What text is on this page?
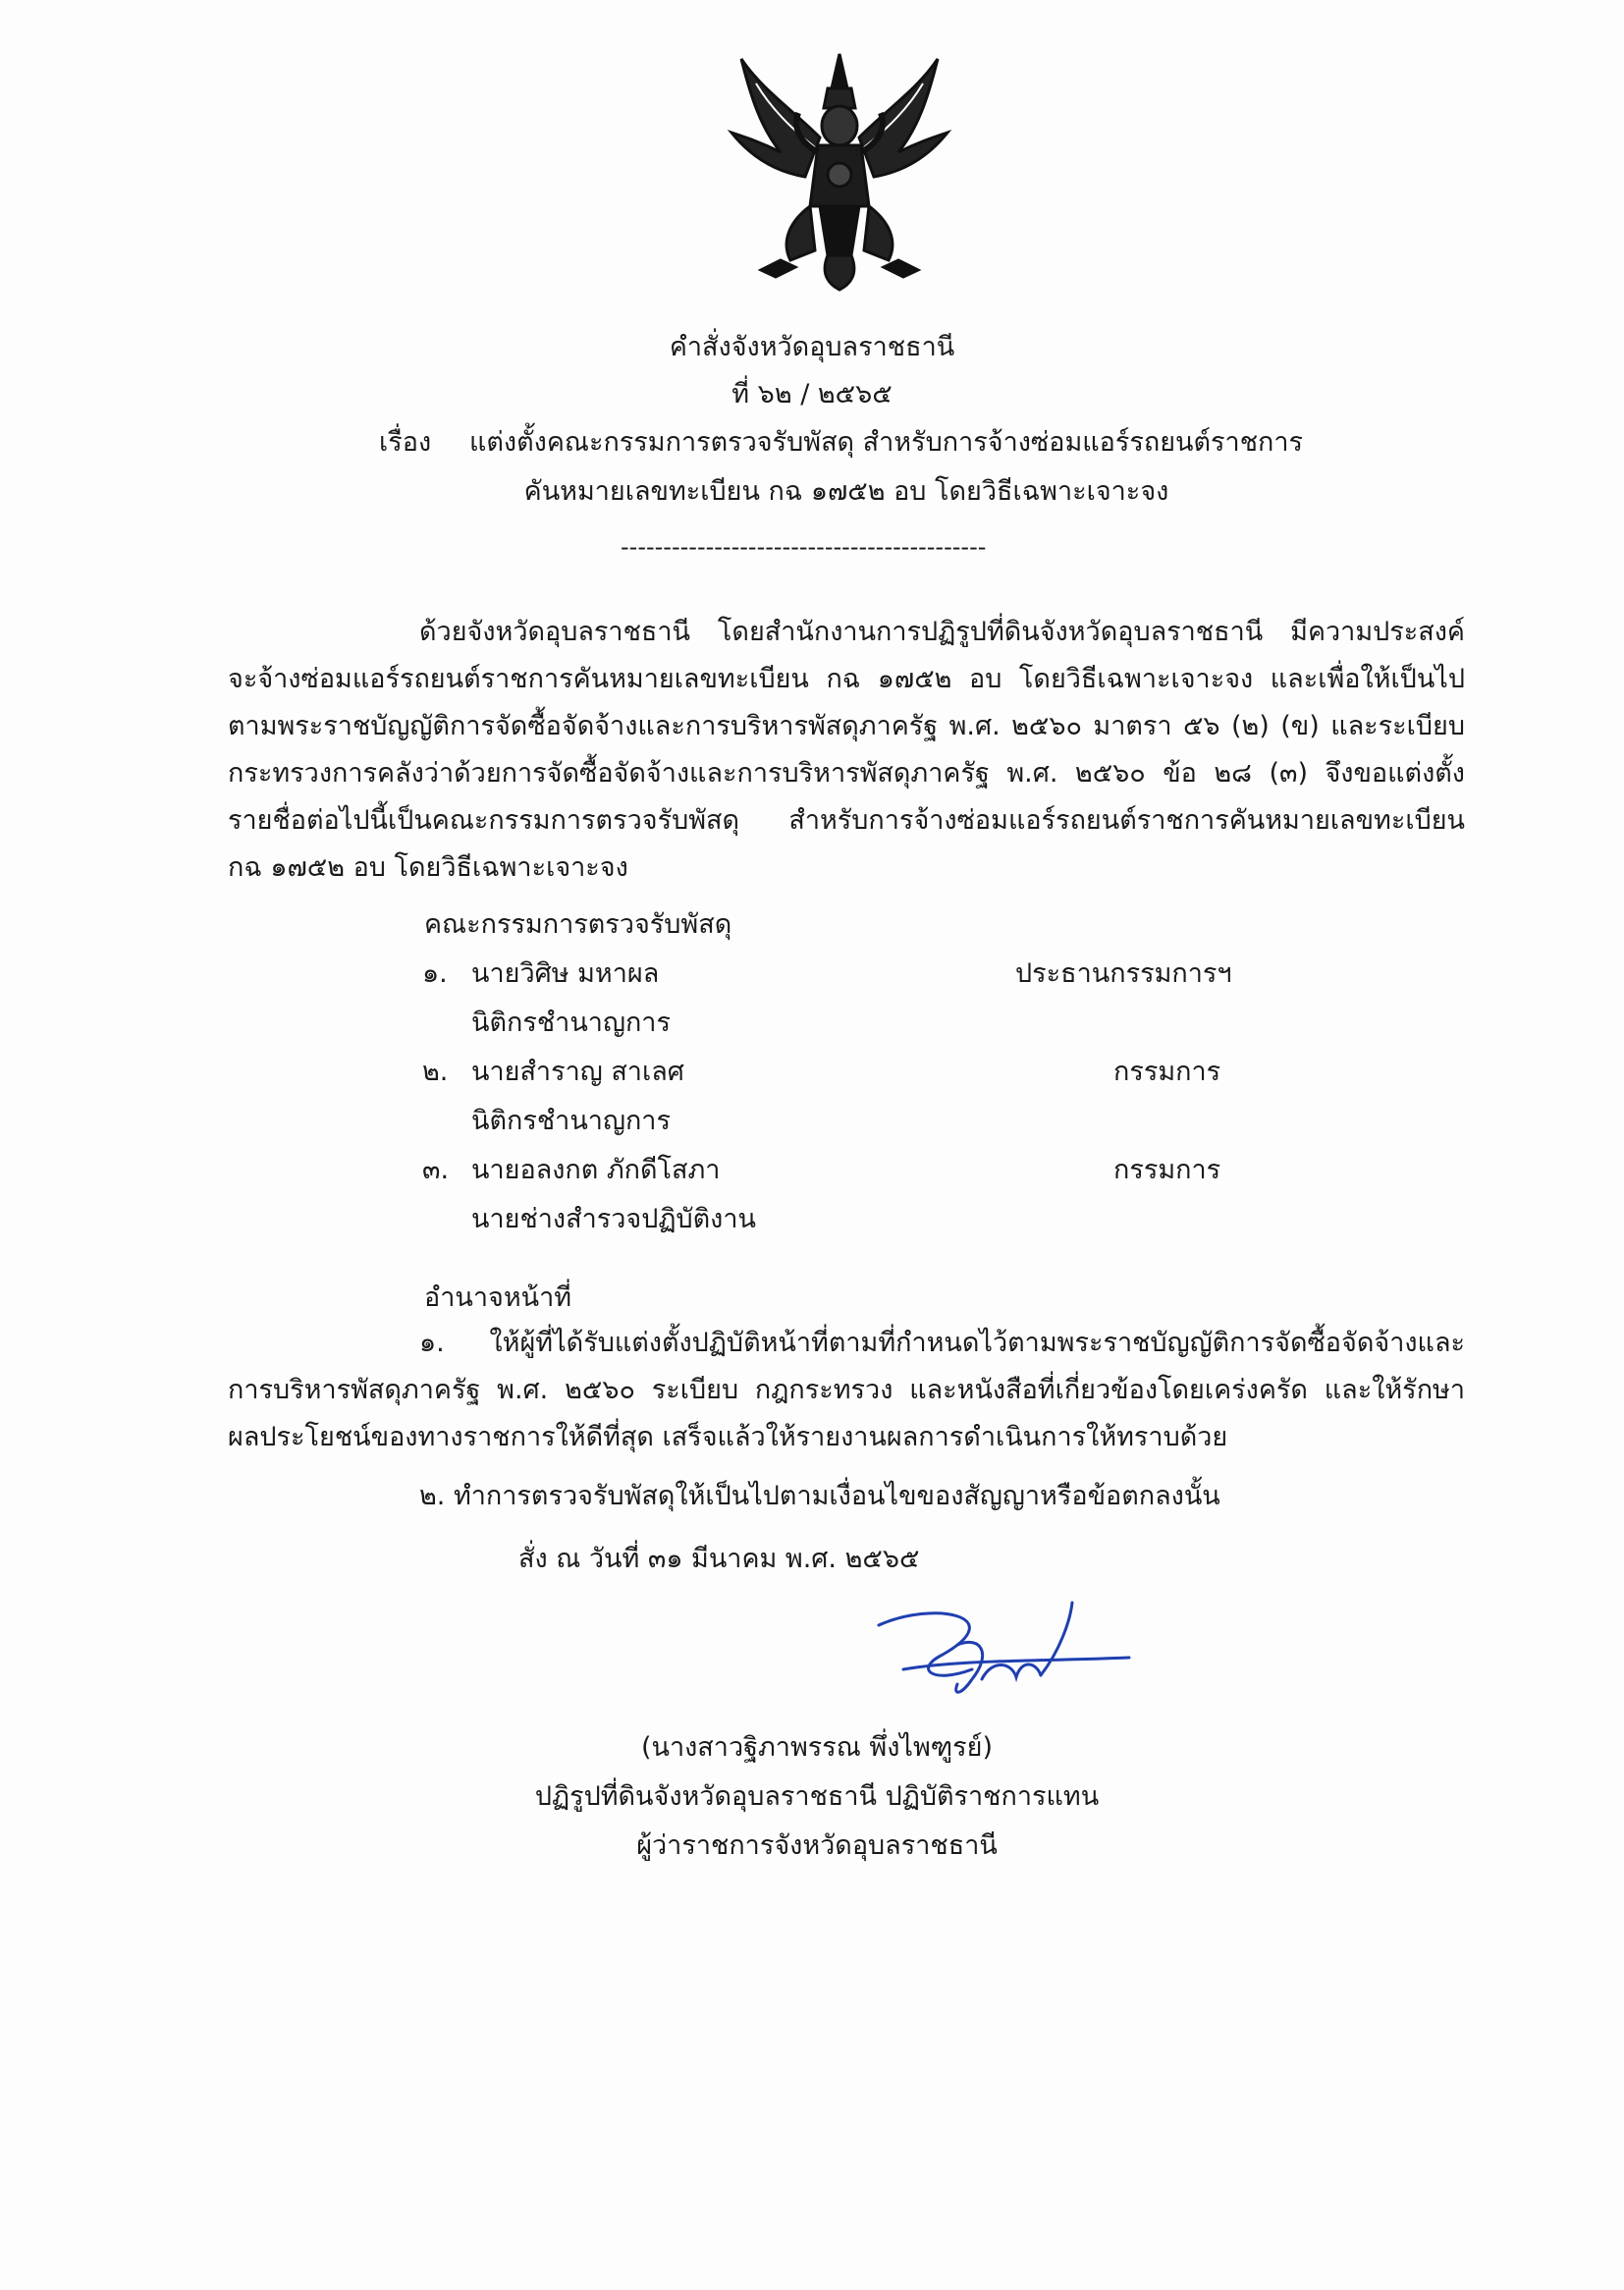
คำสั่งจังหวัดอุบลราชธานี
ที่ ๖๒ / ๒๕๖๕
เรื่อง แต่งตั้งคณะกรรมการตรวจรับพัสดุ สำหรับการจ้างซ่อมแอร์รถยนต์ราชการ
คันหมายเลขทะเบียน กฉ ๑๗๕๒ อบ โดยวิธีเฉพาะเจาะจง
-------------------------------------------
ด้วยจังหวัดอุบลราชธานี โดยสำนักงานการปฏิรูปที่ดินจังหวัดอุบลราชธานี มีความประสงค์
จะจ้างซ่อมแอร์รถยนต์ราชการคันหมายเลขทะเบียน กฉ ๑๗๕๒ อบ โดยวิธีเฉพาะเจาะจง และเพื่อให้เป็นไป
ตามพระราชบัญญัติการจัดซื้อจัดจ้างและการบริหารพัสดุภาครัฐ พ.ศ. ๒๕๖๐ มาตรา ๕๖ (๒) (ข) และระเบียบ
กระทรวงการคลังว่าด้วยการจัดซื้อจัดจ้างและการบริหารพัสดุภาครัฐ พ.ศ. ๒๕๖๐ ข้อ ๒๘ (๓) จึงขอแต่งตั้ง
รายชื่อต่อไปนี้เป็นคณะกรรมการตรวจรับพัสดุ สำหรับการจ้างซ่อมแอร์รถยนต์ราชการคันหมายเลขทะเบียน
กฉ ๑๗๕๒ อบ โดยวิธีเฉพาะเจาะจง
คณะกรรมการตรวจรับพัสดุ
๑. นายวิศิษ มหาผล	ประธานกรรมการฯ
นิติกรชำนาญการ
๒. นายสำราญ สาเลศ	กรรมการ
นิติกรชำนาญการ
๓. นายอลงกต ภักดีโสภา	กรรมการ
นายช่างสำรวจปฏิบัติงาน
อำนาจหน้าที่
๑. ให้ผู้ที่ได้รับแต่งตั้งปฏิบัติหน้าที่ตามที่กำหนดไว้ตามพระราชบัญญัติการจัดซื้อจัดจ้างและ
การบริหารพัสดุภาครัฐ พ.ศ. ๒๕๖๐ ระเบียบ กฎกระทรวง และหนังสือที่เกี่ยวข้องโดยเคร่งครัด และให้รักษา
ผลประโยชน์ของทางราชการให้ดีที่สุด เสร็จแล้วให้รายงานผลการดำเนินการให้ทราบด้วย
๒. ทำการตรวจรับพัสดุให้เป็นไปตามเงื่อนไขของสัญญาหรือข้อตกลงนั้น
สั่ง ณ วันที่ ๓๑ มีนาคม พ.ศ. ๒๕๖๕
(นางสาวฐิภาพรรณ พึ่งไพฑูรย์)
ปฏิรูปที่ดินจังหวัดอุบลราชธานี ปฏิบัติราชการแทน
ผู้ว่าราชการจังหวัดอุบลราชธานี
